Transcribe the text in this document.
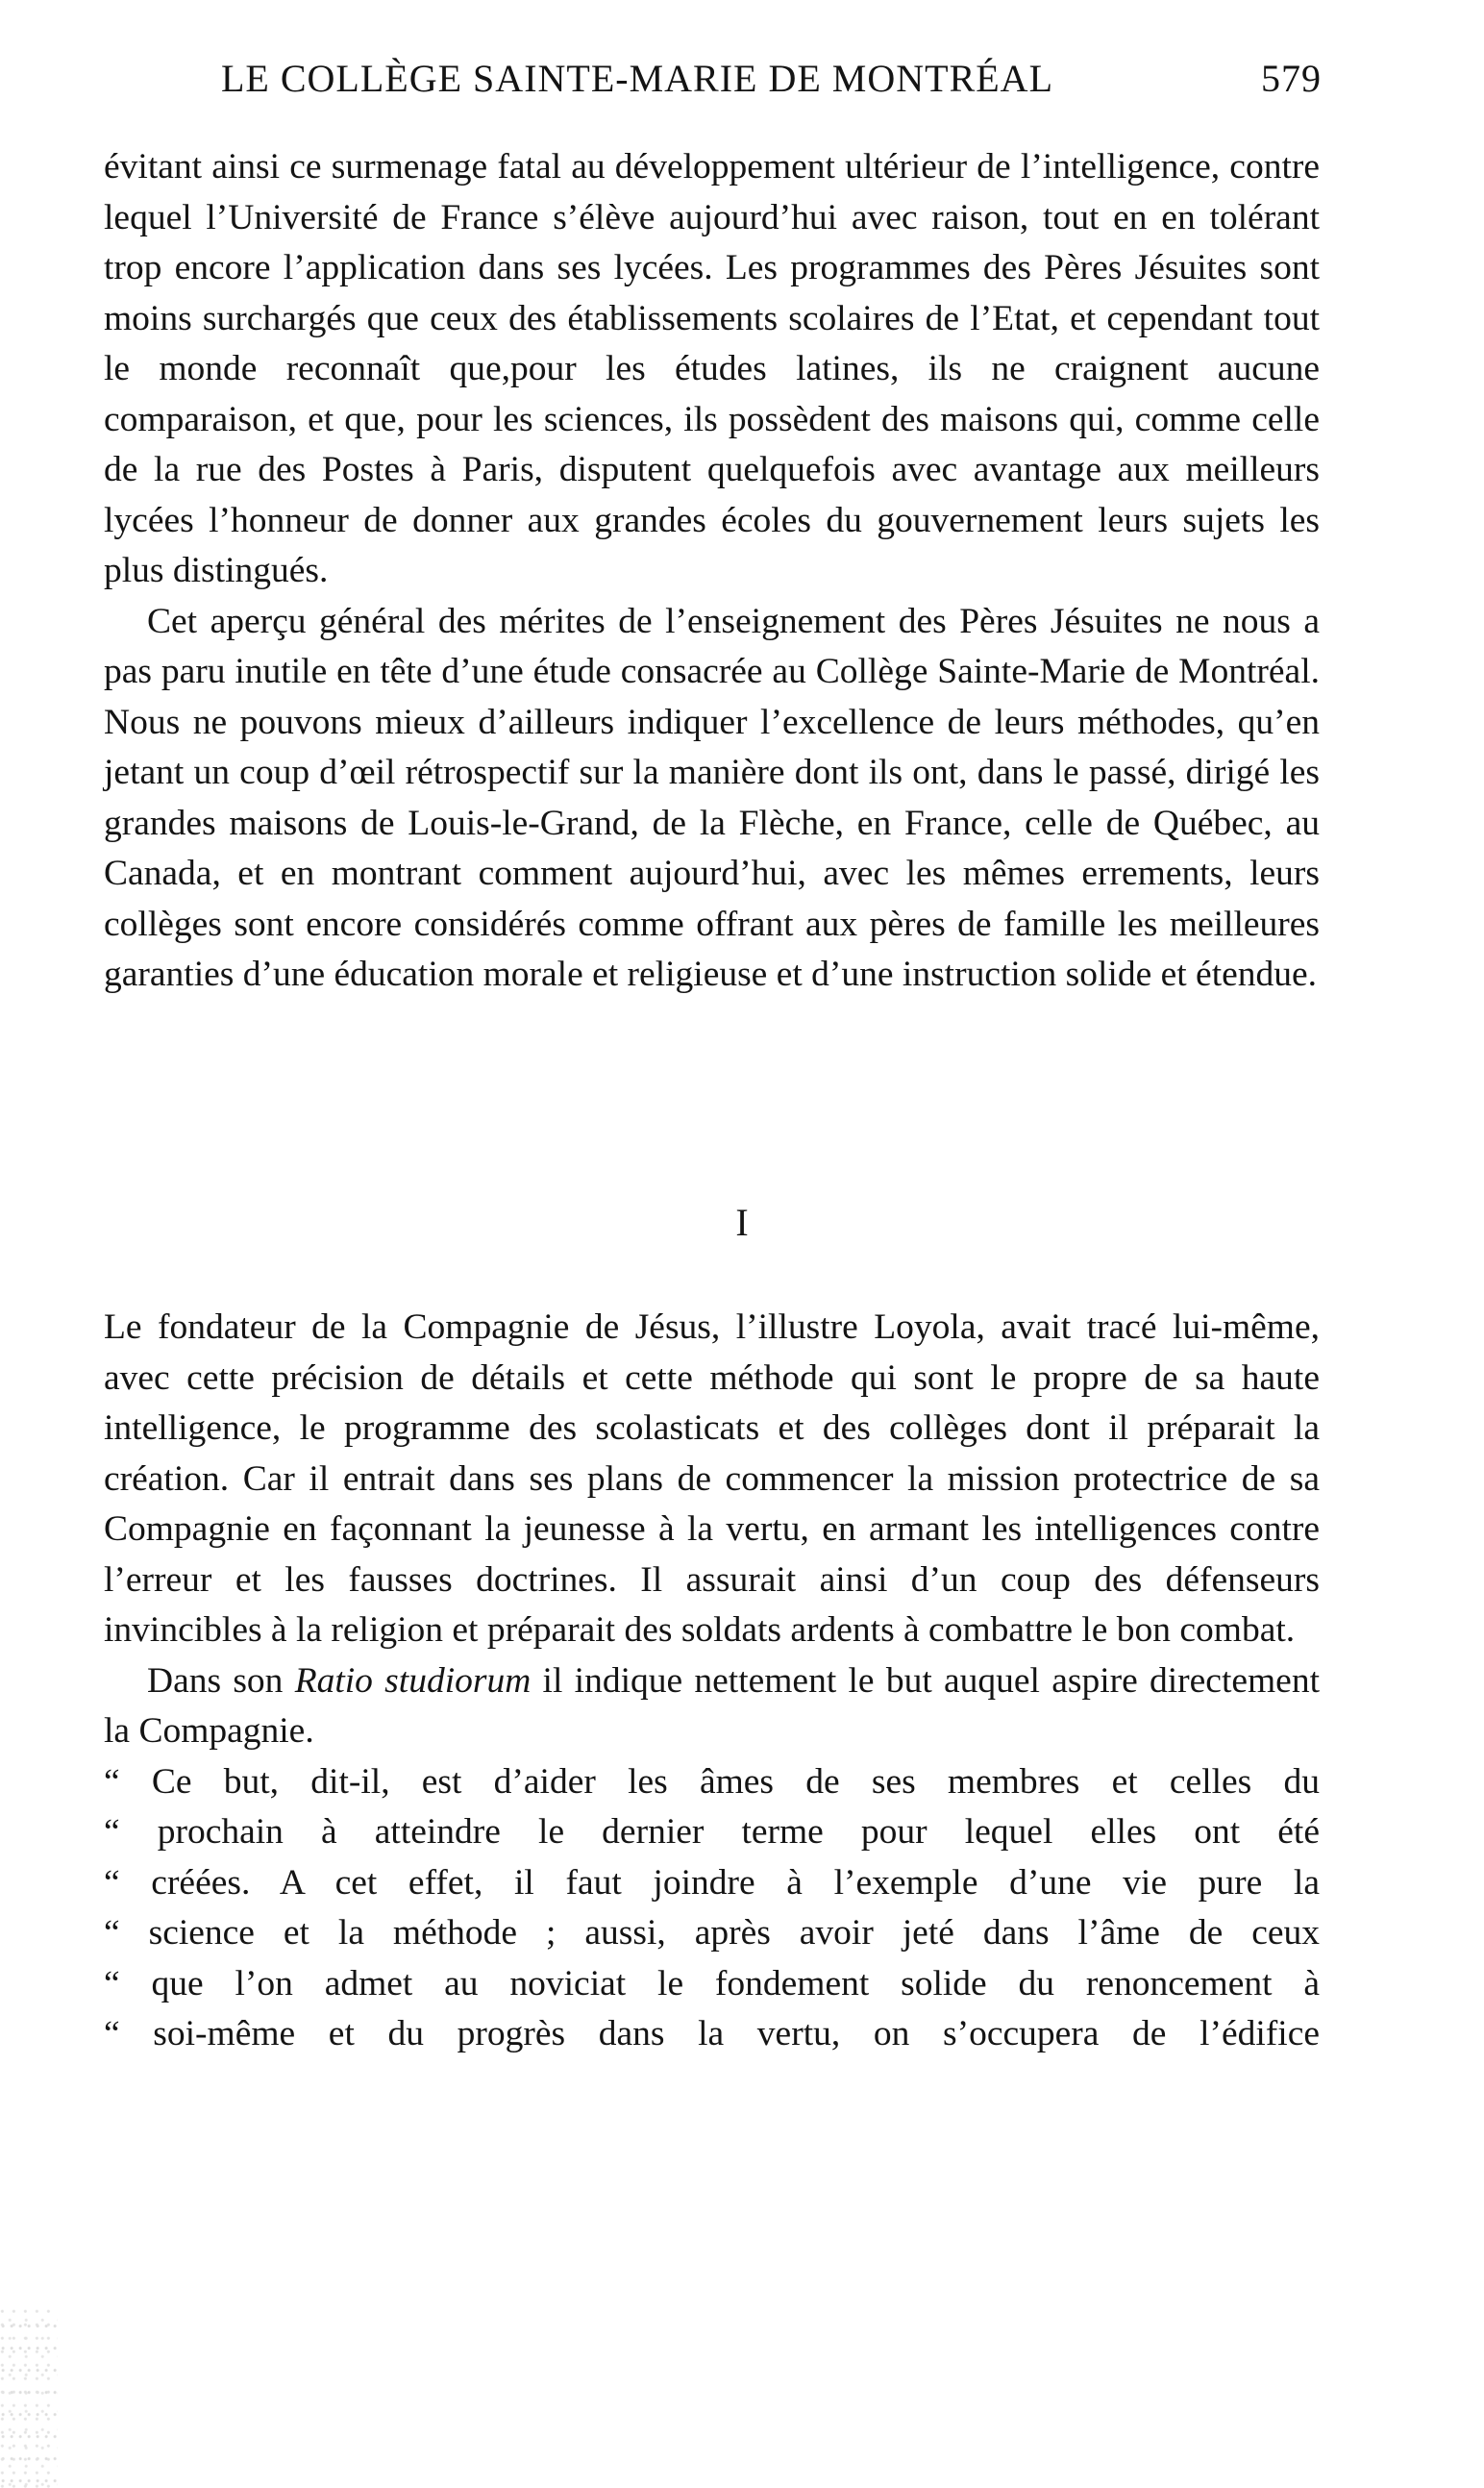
LE COLLÈGE SAINTE-MARIE DE MONTRÉAL	579

évitant ainsi ce surmenage fatal au développement ultérieur de l’intelligence, contre lequel l’Université de France s’élève aujourd’hui avec raison, tout en en tolérant trop encore l’application dans ses lycées. Les programmes des Pères Jésuites sont moins surchargés que ceux des établissements scolaires de l’Etat, et cependant tout le monde reconnaît que,pour les études latines, ils ne craignent aucune comparaison, et que, pour les sciences, ils possèdent des maisons qui, comme celle de la rue des Postes à Paris, disputent quelquefois avec avantage aux meilleurs lycées l’honneur de donner aux grandes écoles du gouvernement leurs sujets les plus distingués.

Cet aperçu général des mérites de l’enseignement des Pères Jésuites ne nous a pas paru inutile en tête d’une étude consacrée au Collège Sainte-Marie de Montréal. Nous ne pouvons mieux d’ailleurs indiquer l’excellence de leurs méthodes, qu’en jetant un coup d’œil rétrospectif sur la manière dont ils ont, dans le passé, dirigé les grandes maisons de Louis-le-Grand, de la Flèche, en France, celle de Québec, au Canada, et en montrant comment aujourd’hui, avec les mêmes errements, leurs collèges sont encore considérés comme offrant aux pères de famille les meilleures garanties d’une éducation morale et religieuse et d’une instruction solide et étendue.

I

Le fondateur de la Compagnie de Jésus, l’illustre Loyola, avait tracé lui-même, avec cette précision de détails et cette méthode qui sont le propre de sa haute intelligence, le programme des scolasticats et des collèges dont il préparait la création. Car il entrait dans ses plans de commencer la mission protectrice de sa Compagnie en façonnant la jeunesse à la vertu, en armant les intelligences contre l’erreur et les fausses doctrines. Il assurait ainsi d’un coup des défenseurs invincibles à la religion et préparait des soldats ardents à combattre le bon combat.

Dans son Ratio studiorum il indique nettement le but auquel aspire directement la Compagnie.

“ Ce but, dit-il, est d’aider les âmes de ses membres et celles du
“ prochain à atteindre le dernier terme pour lequel elles ont été
“ créées. A cet effet, il faut joindre à l’exemple d’une vie pure la
“ science et la méthode ; aussi, après avoir jeté dans l’âme de ceux
“ que l’on admet au noviciat le fondement solide du renoncement à
“ soi-même et du progrès dans la vertu, on s’occupera de l’édifice
